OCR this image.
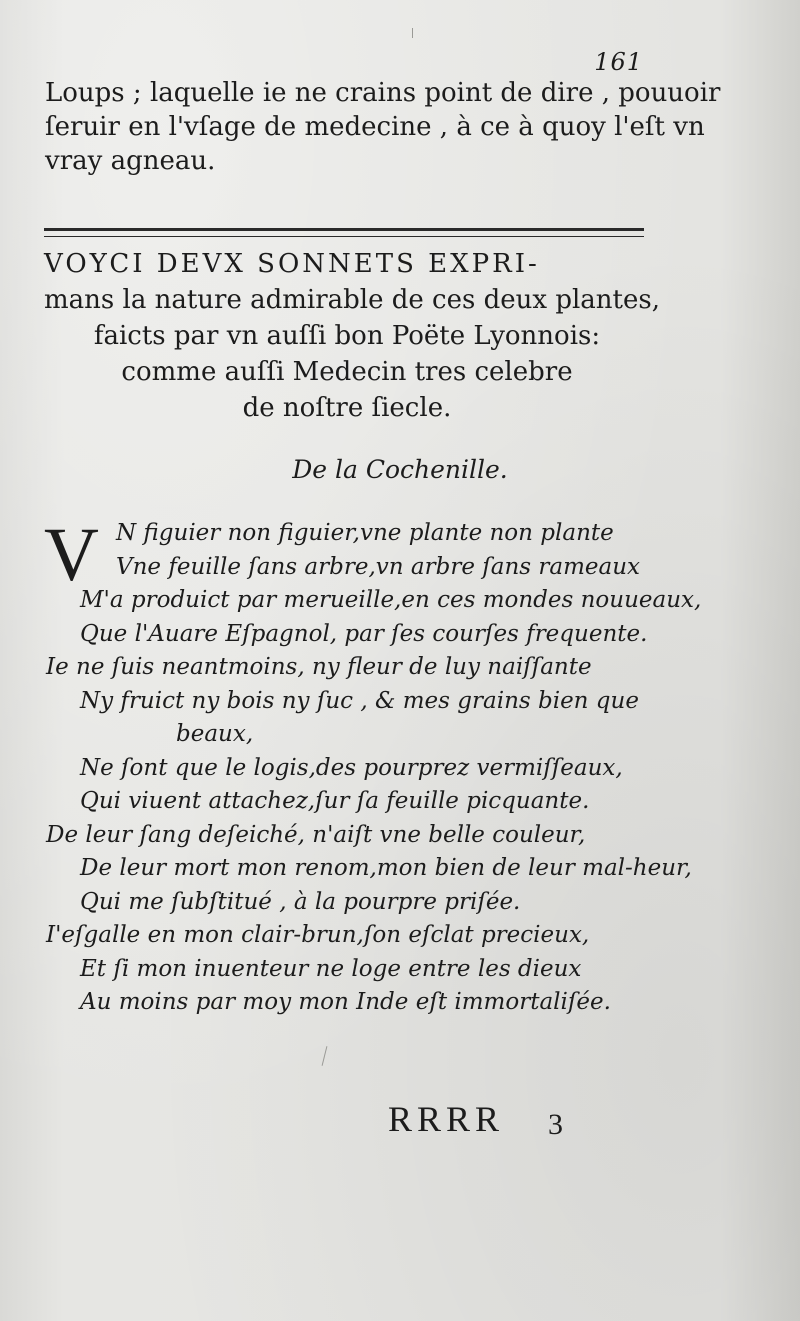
161
Loups ; laquelle ie ne crains point de dire , pouuoir
ſeruir en l'vſage de medecine , à ce à quoy l'eſt vn
vray agneau.
VOYCI DEVX SONNETS EXPRI-
mans la nature admirable de ces deux plantes,
faicts par vn auſſi bon Poëte Lyonnois:
comme auſſi Medecin tres celebre
de noſtre ſiecle.
De la Cochenille.
V N figuier non figuier,vne plante non plante
Vne feuille ſans arbre,vn arbre ſans rameaux
M'a produict par merueille,en ces mondes nouueaux,
Que l'Auare Eſpagnol, par ſes courſes frequente.
Ie ne ſuis neantmoins, ny fleur de luy naiſſante
Ny fruict ny bois ny ſuc , & mes grains bien que
beaux,
Ne ſont que le logis,des pourprez vermiſſeaux,
Qui viuent attachez,ſur ſa feuille picquante.
De leur ſang deſeiché, n'aiſt vne belle couleur,
De leur mort mon renom,mon bien de leur mal-heur,
Qui me ſubſtitué , à la pourpre priſée.
I'eſgalle en mon clair-brun,ſon eſclat precieux,
Et ſi mon inuenteur ne loge entre les dieux
Au moins par moy mon Inde eſt immortaliſée.
RRRR 3
